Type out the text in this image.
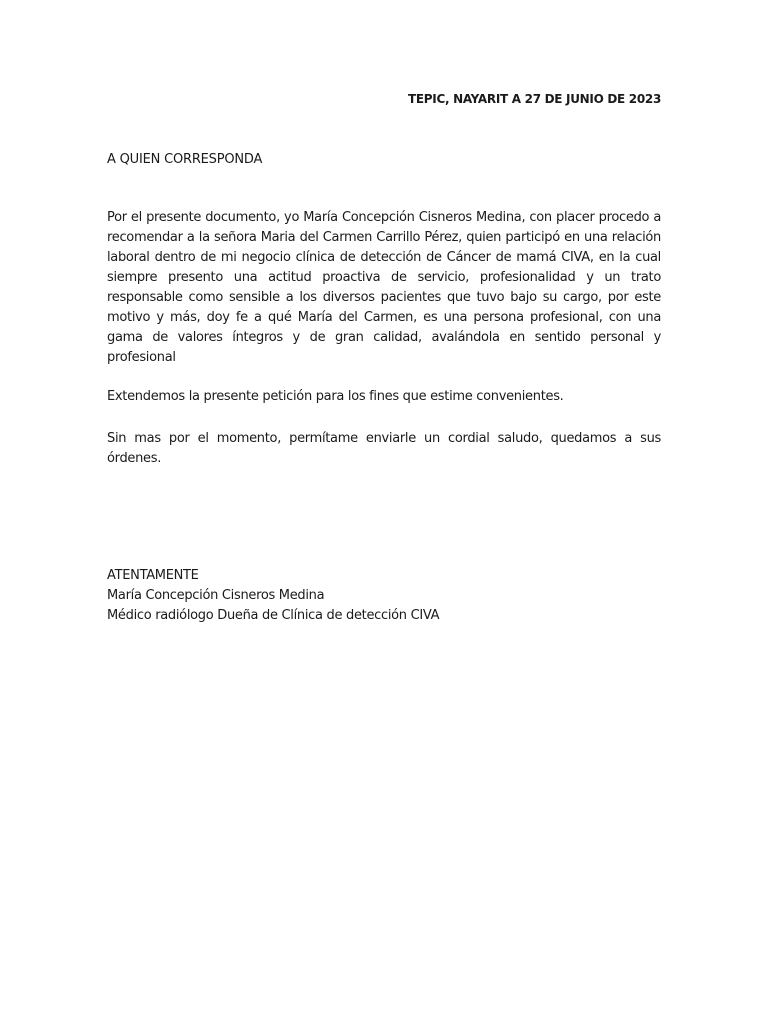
TEPIC, NAYARIT A 27 DE JUNIO DE 2023
A QUIEN CORRESPONDA

Por el presente documento, yo María Concepción Cisneros Medina, con placer procedo a recomendar a la señora Maria del Carmen Carrillo Pérez, quien participó en una relación laboral dentro de mi negocio clínica de detección de Cáncer de mamá CIVA, en la cual siempre presento una actitud proactiva de servicio, profesionalidad y un trato responsable como sensible a los diversos pacientes que tuvo bajo su cargo, por este motivo y más, doy fe a qué María del Carmen, es una persona profesional, con una gama de valores íntegros y de gran calidad, avalándola en sentido personal y profesional

Extendemos la presente petición para los fines que estime convenientes.

Sin mas por el momento, permítame enviarle un cordial saludo, quedamos a sus órdenes.

ATENTAMENTE
María Concepción Cisneros Medina
Médico radiólogo Dueña de Clínica de detección CIVA
